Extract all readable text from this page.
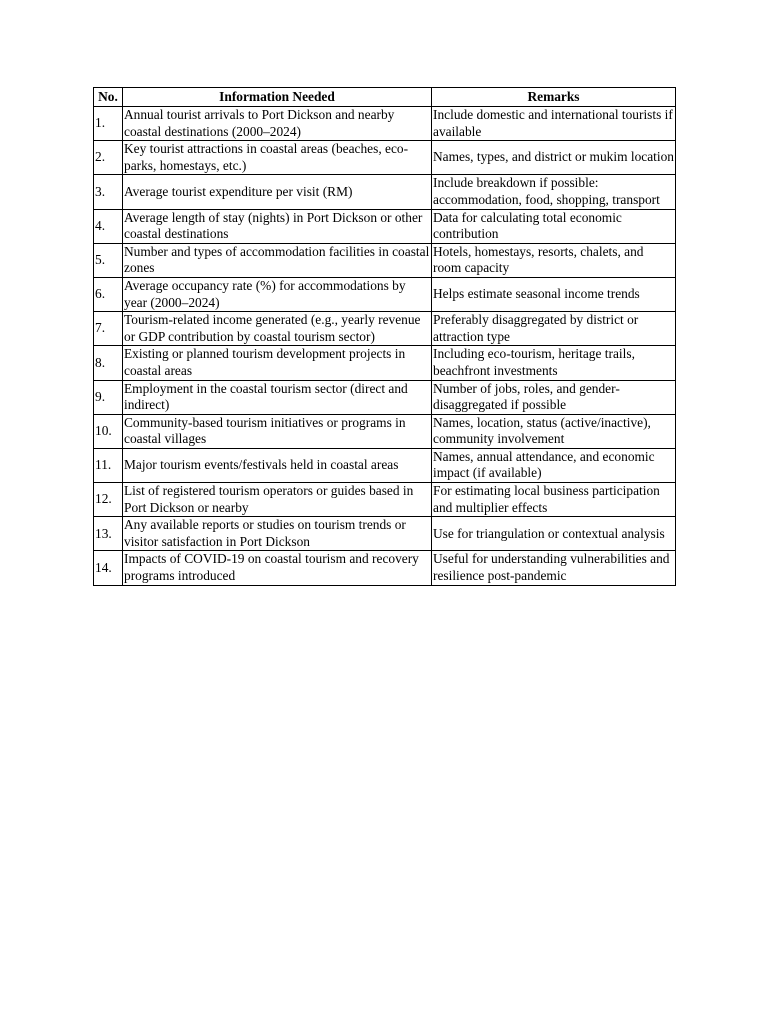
No.	Information Needed	Remarks
1.	Annual tourist arrivals to Port Dickson and nearby coastal destinations (2000–2024)	Include domestic and international tourists if available
2.	Key tourist attractions in coastal areas (beaches, eco-parks, homestays, etc.)	Names, types, and district or mukim location
3.	Average tourist expenditure per visit (RM)	Include breakdown if possible: accommodation, food, shopping, transport
4.	Average length of stay (nights) in Port Dickson or other coastal destinations	Data for calculating total economic contribution
5.	Number and types of accommodation facilities in coastal zones	Hotels, homestays, resorts, chalets, and room capacity
6.	Average occupancy rate (%) for accommodations by year (2000–2024)	Helps estimate seasonal income trends
7.	Tourism-related income generated (e.g., yearly revenue or GDP contribution by coastal tourism sector)	Preferably disaggregated by district or attraction type
8.	Existing or planned tourism development projects in coastal areas	Including eco-tourism, heritage trails, beachfront investments
9.	Employment in the coastal tourism sector (direct and indirect)	Number of jobs, roles, and gender-disaggregated if possible
10.	Community-based tourism initiatives or programs in coastal villages	Names, location, status (active/inactive), community involvement
11.	Major tourism events/festivals held in coastal areas	Names, annual attendance, and economic impact (if available)
12.	List of registered tourism operators or guides based in Port Dickson or nearby	For estimating local business participation and multiplier effects
13.	Any available reports or studies on tourism trends or visitor satisfaction in Port Dickson	Use for triangulation or contextual analysis
14.	Impacts of COVID-19 on coastal tourism and recovery programs introduced	Useful for understanding vulnerabilities and resilience post-pandemic
